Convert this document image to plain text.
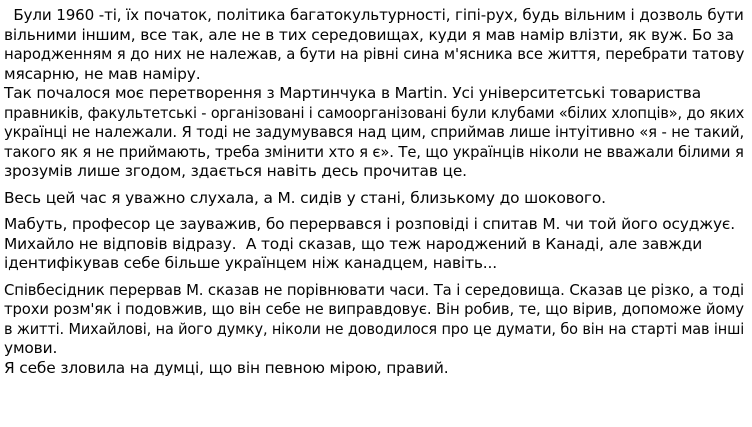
Були 1960 -ті, їх початок, політика багатокультурності, гіпі-рух, будь вільним і дозволь бути
вільними іншим, все так, але не в тих середовищах, куди я мав намір влізти, як вуж. Бо за
народженням я до них не належав, а бути на рівні сина м'ясника все життя, перебрати татову
мясарню, не мав наміру.

Так почалося моє перетворення з Мартинчука в Martin. Усі університетські товариства
правників, факультетські - організовані і самоорганізовані були клубами «білих хлопців», до яких
українці не належали. Я тоді не задумувався над цим, сприймав лише інтуітивно «я - не такий,
такого як я не приймають, треба змінити хто я є». Те, що українців ніколи не вважали білими я
зрозумів лише згодом, здається навіть десь прочитав це.

Весь цей час я уважно слухала, а М. сидів у стані, близькому до шокового.

Мабуть, професор це зауважив, бо перервався і розповіді і спитав М. чи той його осуджує.
Михайло не відповів відразу.  А тоді сказав, що теж народжений в Канаді, але завжди
ідентифікував себе більше українцем ніж канадцем, навіть...

Співбесідник перервав М. сказав не порівнювати часи. Та і середовища. Сказав це різко, а тоді
трохи розм'як і подовжив, що він себе не виправдовує. Він робив, те, що вірив, допоможе йому
в житті. Михайлові, на його думку, ніколи не доводилося про це думати, бо він на старті мав інші
умови.
Я себе зловила на думці, що він певною мірою, правий.
